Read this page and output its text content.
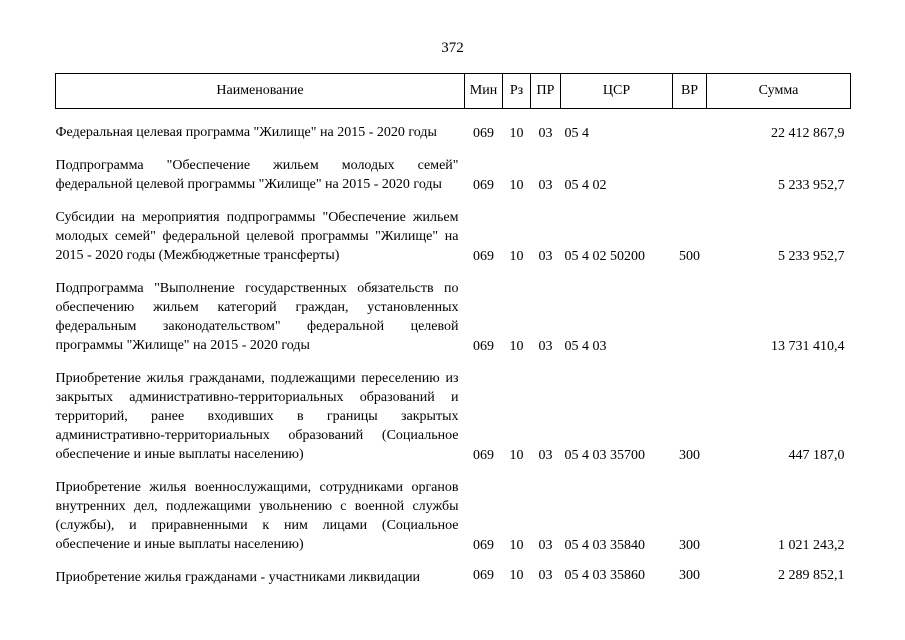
372
Наименование	Мин	Рз	ПР	ЦСР	ВР	Сумма

Федеральная целевая программа "Жилище" на 2015 - 2020 годы	069	10	03	05 4		22 412 867,9

Подпрограмма "Обеспечение жильем молодых семей" федеральной целевой программы "Жилище" на 2015 - 2020 годы	069	10	03	05 4 02		5 233 952,7

Субсидии на мероприятия подпрограммы "Обеспечение жильем молодых семей" федеральной целевой программы "Жилище" на 2015 - 2020 годы (Межбюджетные трансферты)	069	10	03	05 4 02 50200	500	5 233 952,7

Подпрограмма "Выполнение государственных обязательств по обеспечению жильем категорий граждан, установленных федеральным законодательством" федеральной целевой программы "Жилище" на 2015 - 2020 годы	069	10	03	05 4 03		13 731 410,4

Приобретение жилья гражданами, подлежащими переселению из закрытых административно-территориальных образований и территорий, ранее входивших в границы закрытых административно-территориальных образований (Социальное обеспечение и иные выплаты населению)	069	10	03	05 4 03 35700	300	447 187,0

Приобретение жилья военнослужащими, сотрудниками органов внутренних дел, подлежащими увольнению с военной службы (службы), и приравненными к ним лицами (Социальное обеспечение и иные выплаты населению)	069	10	03	05 4 03 35840	300	1 021 243,2

Приобретение жилья гражданами - участниками ликвидации	069	10	03	05 4 03 35860	300	2 289 852,1
